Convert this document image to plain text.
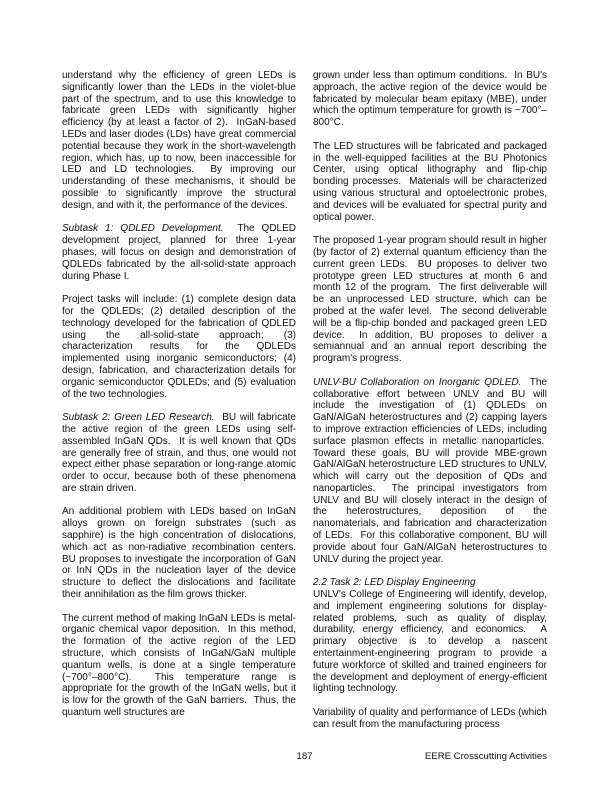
understand why the efficiency of green LEDs is significantly lower than the LEDs in the violet-blue part of the spectrum, and to use this knowledge to fabricate green LEDs with significantly higher efficiency (by at least a factor of 2).  InGaN-based LEDs and laser diodes (LDs) have great commercial potential because they work in the short-wavelength region, which has, up to now, been inaccessible for LED and LD technologies.  By improving our understanding of these mechanisms, it should be possible to significantly improve the structural design, and with it, the performance of the devices.

Subtask 1: QDLED Development.  The QDLED development project, planned for three 1-year phases, will focus on design and demonstration of QDLEDs fabricated by the all-solid-state approach during Phase I.

Project tasks will include: (1) complete design data for the QDLEDs; (2) detailed description of the technology developed for the fabrication of QDLED using the all-solid-state approach; (3) characterization results for the QDLEDs implemented using inorganic semiconductors; (4) design, fabrication, and characterization details for organic semiconductor QDLEDs; and (5) evaluation of the two technologies.

Subtask 2: Green LED Research.  BU will fabricate the active region of the green LEDs using self-assembled InGaN QDs.  It is well known that QDs are generally free of strain, and thus, one would not expect either phase separation or long-range atomic order to occur, because both of these phenomena are strain driven.

An additional problem with LEDs based on InGaN alloys grown on foreign substrates (such as sapphire) is the high concentration of dislocations, which act as non-radiative recombination centers. BU proposes to investigate the incorporation of GaN or InN QDs in the nucleation layer of the device structure to deflect the dislocations and facilitate their annihilation as the film grows thicker.

The current method of making InGaN LEDs is metal-organic chemical vapor deposition.  In this method, the formation of the active region of the LED structure, which consists of InGaN/GaN multiple quantum wells, is done at a single temperature (~700°–800°C).  This temperature range is appropriate for the growth of the InGaN wells, but it is low for the growth of the GaN barriers.  Thus, the quantum well structures are

grown under less than optimum conditions.  In BU's approach, the active region of the device would be fabricated by molecular beam epitaxy (MBE), under which the optimum temperature for growth is ~700°–800°C.

The LED structures will be fabricated and packaged in the well-equipped facilities at the BU Photonics Center, using optical lithography and flip-chip bonding processes.  Materials will be characterized using various structural and optoelectronic probes, and devices will be evaluated for spectral purity and optical power.

The proposed 1-year program should result in higher (by factor of 2) external quantum efficiency than the current green LEDs.  BU proposes to deliver two prototype green LED structures at month 6 and month 12 of the program.  The first deliverable will be an unprocessed LED structure, which can be probed at the wafer level.  The second deliverable will be a flip-chip bonded and packaged green LED device.  In addition, BU proposes to deliver a semiannual and an annual report describing the program's progress.

UNLV-BU Collaboration on Inorganic QDLED.  The collaborative effort between UNLV and BU will include the investigation of (1) QDLEDs on GaN/AlGaN heterostructures and (2) capping layers to improve extraction efficiencies of LEDs, including surface plasmon effects in metallic nanoparticles.  Toward these goals, BU will provide MBE-grown GaN/AlGaN heterostructure LED structures to UNLV, which will carry out the deposition of QDs and nanoparticles.  The principal investigators from UNLV and BU will closely interact in the design of the heterostructures, deposition of the nanomaterials, and fabrication and characterization of LEDs.  For this collaborative component, BU will provide about four GaN/AlGaN heterostructures to UNLV during the project year.

2.2 Task 2: LED Display Engineering

UNLV's College of Engineering will identify, develop, and implement engineering solutions for display-related problems, such as quality of display, durability, energy efficiency, and economics.  A primary objective is to develop a nascent entertainment-engineering program to provide a future workforce of skilled and trained engineers for the development and deployment of energy-efficient lighting technology.

Variability of quality and performance of LEDs (which can result from the manufacturing process

187	EERE Crosscutting Activities
